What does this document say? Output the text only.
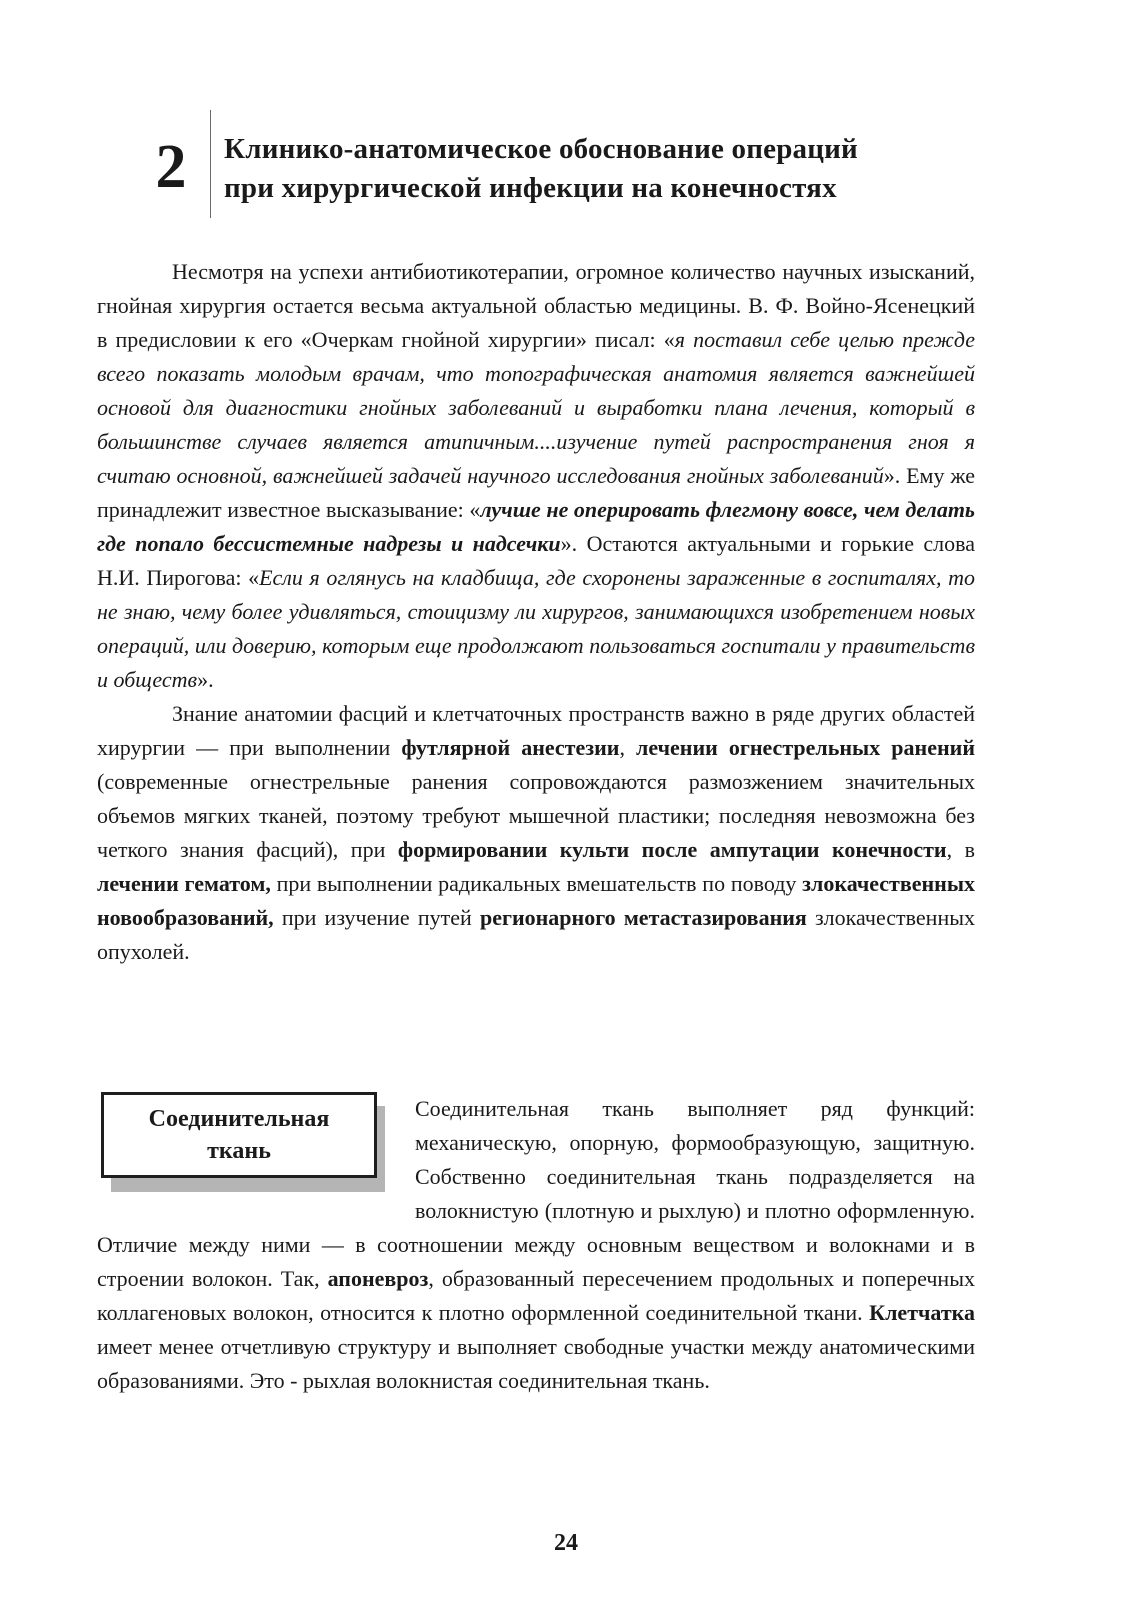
2	Клинико-анатомическое обоснование операций
при хирургической инфекции на конечностях

Несмотря на успехи антибиотикотерапии, огромное количество научных изысканий, гнойная хирургия остается весьма актуальной областью медицины. В. Ф. Войно-Ясенецкий в предисловии к его «Очеркам гнойной хирургии» писал: «я поставил себе целью прежде всего показать молодым врачам, что топографическая анатомия является важнейшей основой для диагностики гнойных заболеваний и выработки плана лечения, который в большинстве случаев является атипичным....изучение путей распространения гноя я считаю основной, важнейшей задачей научного исследования гнойных заболеваний». Ему же принадлежит известное высказывание: «лучше не оперировать флегмону вовсе, чем делать где попало бессистемные надрезы и надсечки». Остаются актуальными и горькие слова Н.И. Пирогова: «Если я оглянусь на кладбища, где схоронены зараженные в госпиталях, то не знаю, чему более удивляться, стоицизму ли хирургов, занимающихся изобретением новых операций, или доверию, которым еще продолжают пользоваться госпитали у правительств и обществ».

Знание анатомии фасций и клетчаточных пространств важно в ряде других областей хирургии — при выполнении футлярной анестезии, лечении огнестрельных ранений (современные огнестрельные ранения сопровождаются размозжением значительных объемов мягких тканей, поэтому требуют мышечной пластики; последняя невозможна без четкого знания фасций), при формировании культи после ампутации конечности, в лечении гематом, при выполнении радикальных вмешательств по поводу злокачественных новообразований, при изучение путей регионарного метастазирования злокачественных опухолей.

Соединительная
ткань

Соединительная ткань выполняет ряд функций: механическую, опорную, формообразующую, защитную. Собственно соединительная ткань подразделяется на волокнистую (плотную и рыхлую) и плотно оформленную. Отличие между ними — в соотношении между основным веществом и волокнами и в строении волокон. Так, апоневроз, образованный пересечением продольных и поперечных коллагеновых волокон, относится к плотно оформленной соединительной ткани. Клетчатка имеет менее отчетливую структуру и выполняет свободные участки между анатомическими образованиями. Это - рыхлая волокнистая соединительная ткань.

24
